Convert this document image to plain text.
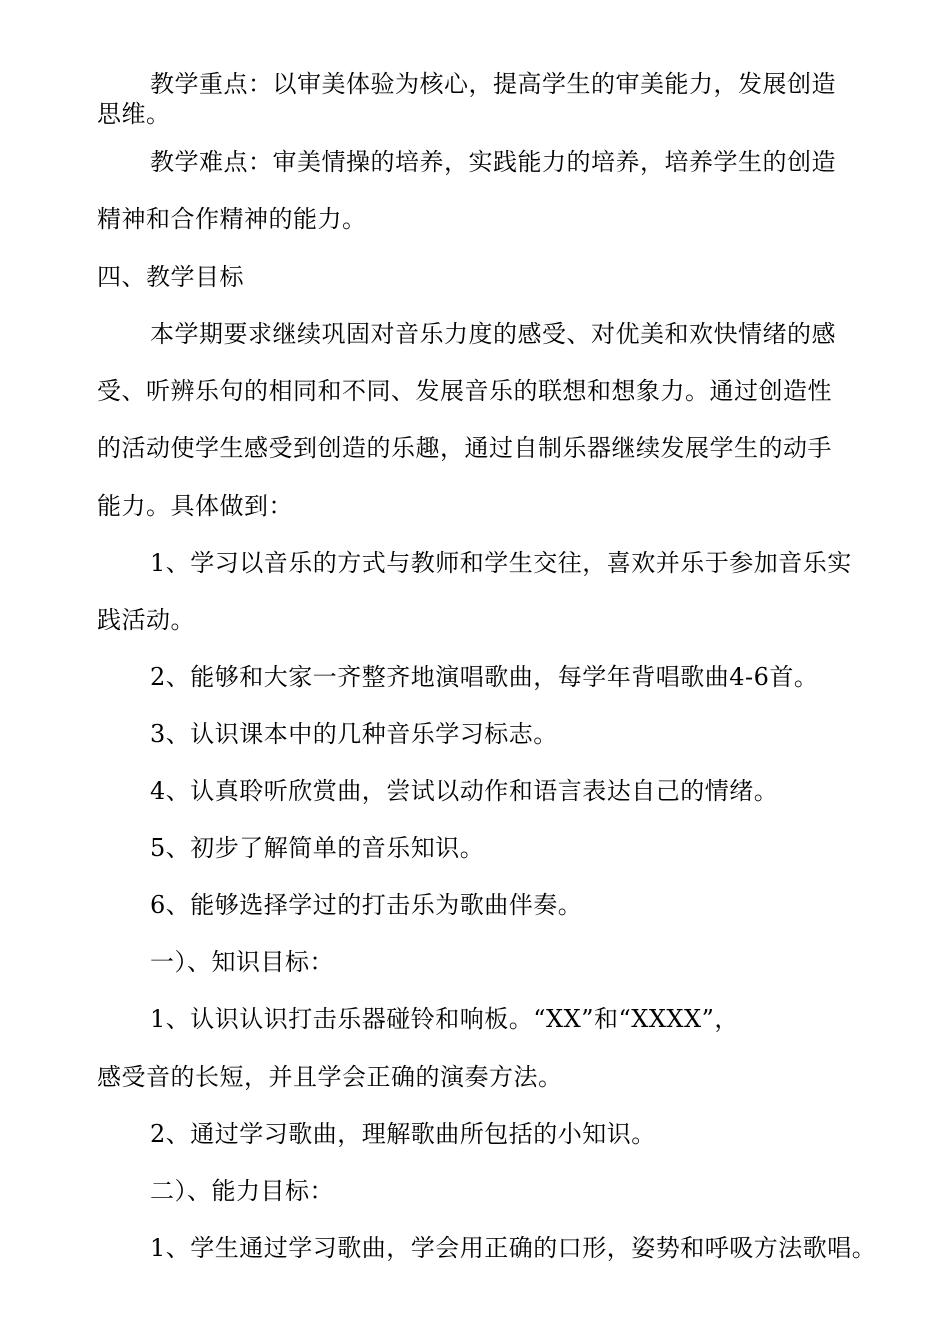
教学重点：以审美体验为核心，提高学生的审美能力，发展创造
思维。
教学难点：审美情操的培养，实践能力的培养，培养学生的创造
精神和合作精神的能力。
四、教学目标
本学期要求继续巩固对音乐力度的感受、对优美和欢快情绪的感
受、听辨乐句的相同和不同、发展音乐的联想和想象力。通过创造性
的活动使学生感受到创造的乐趣，通过自制乐器继续发展学生的动手
能力。具体做到：
1、学习以音乐的方式与教师和学生交往，喜欢并乐于参加音乐实
践活动。
2、能够和大家一齐整齐地演唱歌曲，每学年背唱歌曲4-6首。
3、认识课本中的几种音乐学习标志。
4、认真聆听欣赏曲，尝试以动作和语言表达自己的情绪。
5、初步了解简单的音乐知识。
6、能够选择学过的打击乐为歌曲伴奏。
一）、知识目标：
1、认识认识打击乐器碰铃和响板。“XX”和“XXXX”，
感受音的长短，并且学会正确的演奏方法。
2、通过学习歌曲，理解歌曲所包括的小知识。
二）、能力目标：
1、学生通过学习歌曲，学会用正确的口形，姿势和呼吸方法歌唱。
